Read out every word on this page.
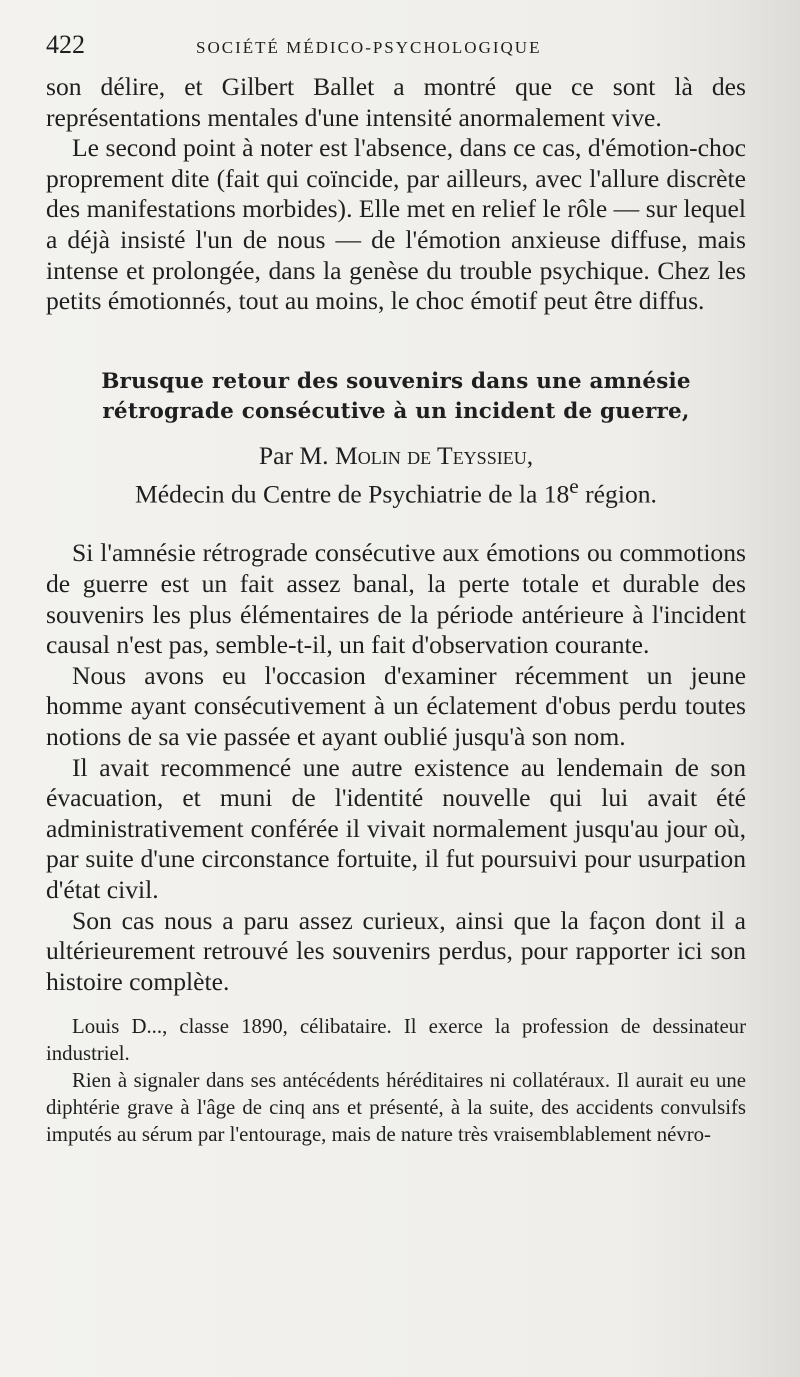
422	SOCIÉTÉ MÉDICO-PSYCHOLOGIQUE

son délire, et Gilbert Ballet a montré que ce sont là des représentations mentales d'une intensité anormalement vive.

Le second point à noter est l'absence, dans ce cas, d'émotion-choc proprement dite (fait qui coïncide, par ailleurs, avec l'allure discrète des manifestations morbides). Elle met en relief le rôle — sur lequel a déjà insisté l'un de nous — de l'émotion anxieuse diffuse, mais intense et prolongée, dans la genèse du trouble psychique. Chez les petits émotionnés, tout au moins, le choc émotif peut être diffus.

Brusque retour des souvenirs dans une amnésie rétrograde consécutive à un incident de guerre,
Par M. Molin de Teyssieu,
Médecin du Centre de Psychiatrie de la 18e région.

Si l'amnésie rétrograde consécutive aux émotions ou commotions de guerre est un fait assez banal, la perte totale et durable des souvenirs les plus élémentaires de la période antérieure à l'incident causal n'est pas, semble-t-il, un fait d'observation courante.

Nous avons eu l'occasion d'examiner récemment un jeune homme ayant consécutivement à un éclatement d'obus perdu toutes notions de sa vie passée et ayant oublié jusqu'à son nom.

Il avait recommencé une autre existence au lendemain de son évacuation, et muni de l'identité nouvelle qui lui avait été administrativement conférée il vivait normalement jusqu'au jour où, par suite d'une circonstance fortuite, il fut poursuivi pour usurpation d'état civil.

Son cas nous a paru assez curieux, ainsi que la façon dont il a ultérieurement retrouvé les souvenirs perdus, pour rapporter ici son histoire complète.

Louis D..., classe 1890, célibataire. Il exerce la profession de dessinateur industriel.

Rien à signaler dans ses antécédents héréditaires ni collatéraux. Il aurait eu une diphtérie grave à l'âge de cinq ans et présenté, à la suite, des accidents convulsifs imputés au sérum par l'entourage, mais de nature très vraisemblablement névro-
